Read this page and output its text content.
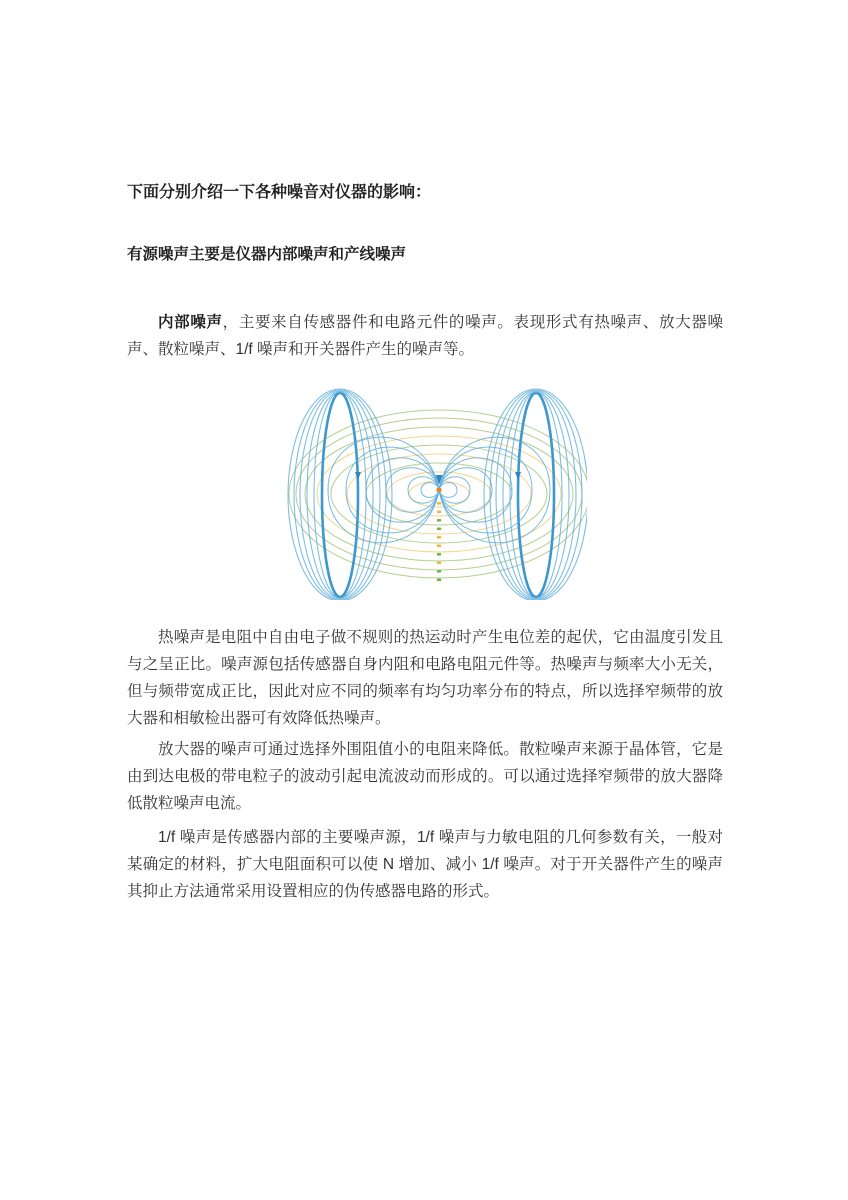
下面分别介绍一下各种噪音对仪器的影响：

有源噪声主要是仪器内部噪声和产线噪声

内部噪声，主要来自传感器件和电路元件的噪声。表现形式有热噪声、放大器噪声、散粒噪声、1/f 噪声和开关器件产生的噪声等。

热噪声是电阻中自由电子做不规则的热运动时产生电位差的起伏，它由温度引发且与之呈正比。噪声源包括传感器自身内阻和电路电阻元件等。热噪声与频率大小无关，但与频带宽成正比，因此对应不同的频率有均匀功率分布的特点，所以选择窄频带的放大器和相敏检出器可有效降低热噪声。

放大器的噪声可通过选择外围阻值小的电阻来降低。散粒噪声来源于晶体管，它是由到达电极的带电粒子的波动引起电流波动而形成的。可以通过选择窄频带的放大器降低散粒噪声电流。

1/f 噪声是传感器内部的主要噪声源，1/f 噪声与力敏电阻的几何参数有关，一般对某确定的材料，扩大电阻面积可以使 N 增加、减小 1/f 噪声。对于开关器件产生的噪声其抑止方法通常采用设置相应的伪传感器电路的形式。
